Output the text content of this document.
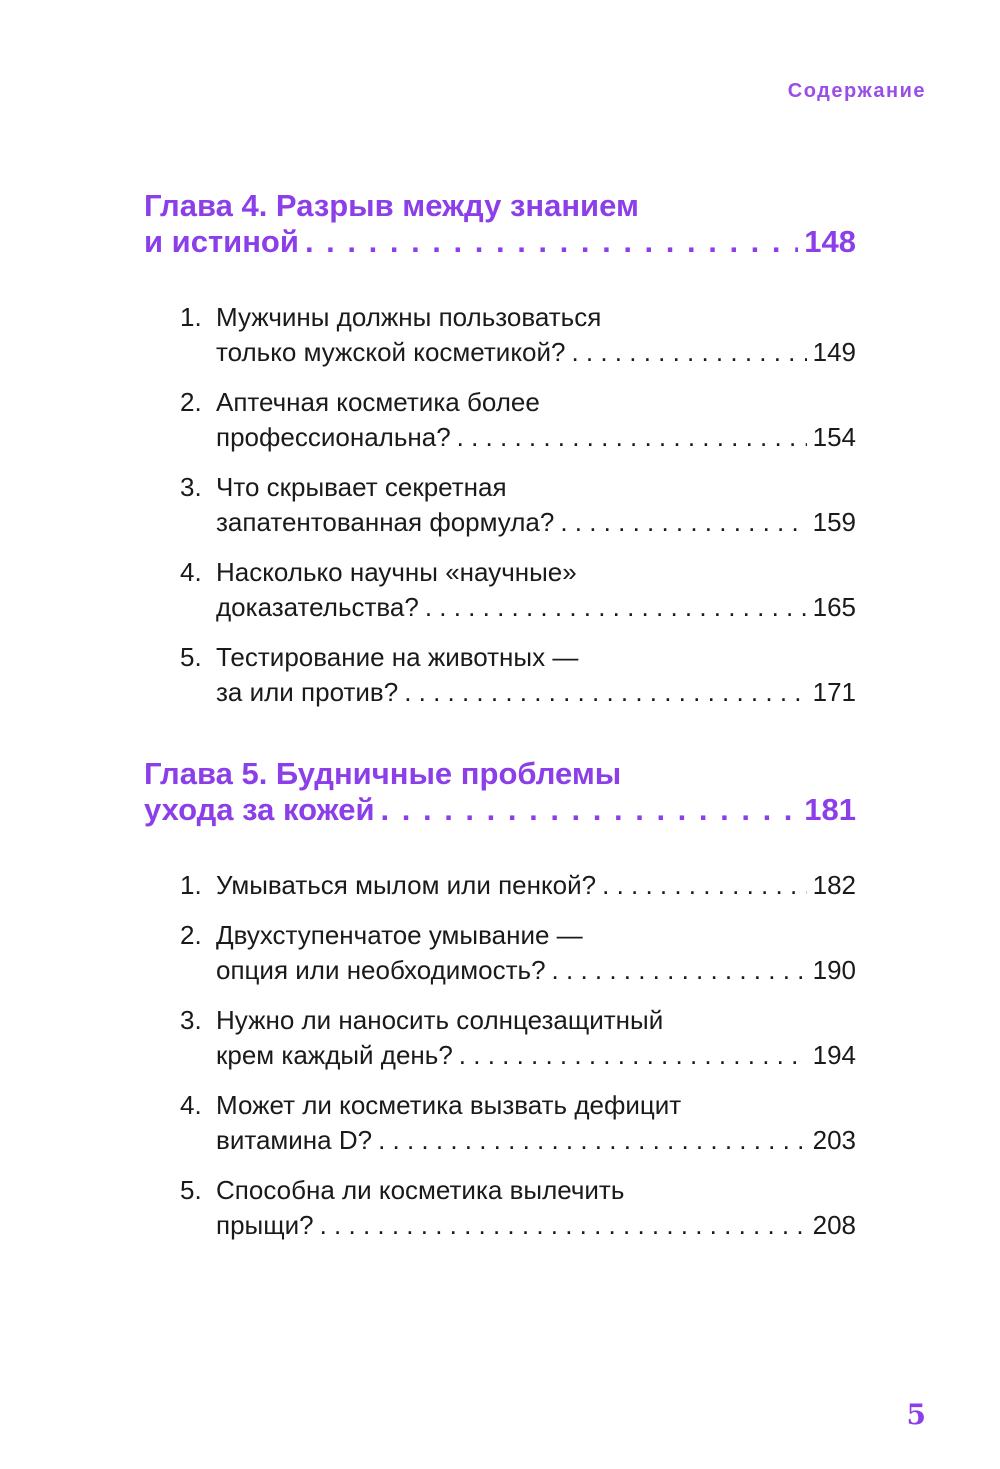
Содержание
Глава 4. Разрыв между знанием
и истиной . . .	148
1. Мужчины должны пользоваться
только мужской косметикой? . . .	149
2. Аптечная косметика более
профессиональна? . . .	154
3. Что скрывает секретная
запатентованная формула? . . .	159
4. Насколько научны «научные»
доказательства? . . .	165
5. Тестирование на животных —
за или против? . . .	171
Глава 5. Будничные проблемы
ухода за кожей . . .	181
1. Умываться мылом или пенкой? . . .	182
2. Двухступенчатое умывание —
опция или необходимость? . . .	190
3. Нужно ли наносить солнцезащитный
крем каждый день? . . .	194
4. Может ли косметика вызвать дефицит
витамина D? . . .	203
5. Способна ли косметика вылечить
прыщи? . . .	208
5
